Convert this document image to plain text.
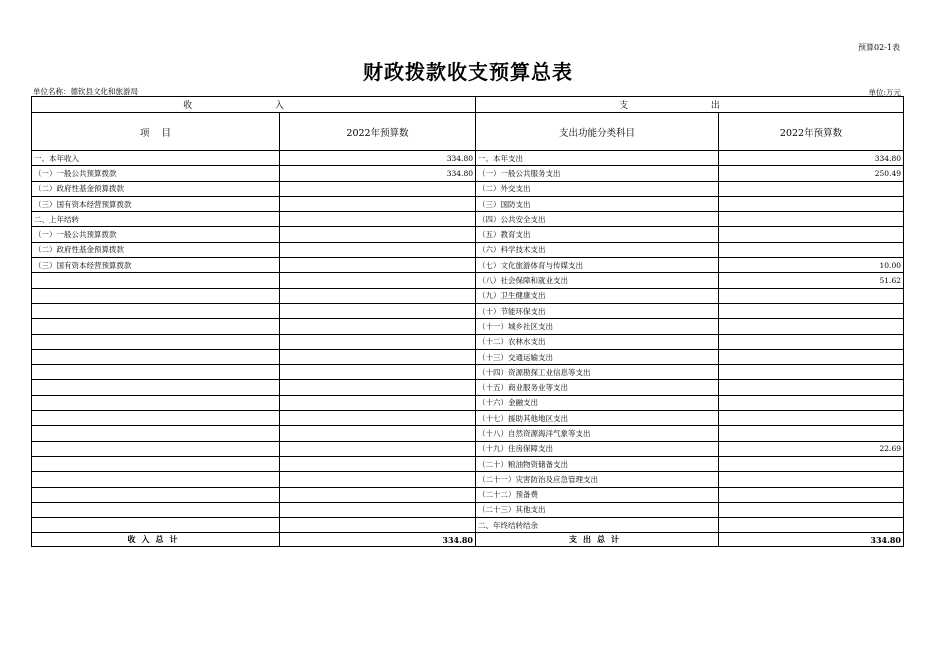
预算02-1表
财政拨款收支预算总表
单位名称：德钦县文化和旅游局	单位:万元
收 入		支 出	
项    目	2022年预算数	支出功能分类科目	2022年预算数
一、本年收入	334.80	一、本年支出	334.80
（一）一般公共预算拨款	334.80	（一）一般公共服务支出	250.49
（二）政府性基金预算拨款		（二）外交支出	
（三）国有资本经营预算拨款		（三）国防支出	
二、上年结转		（四）公共安全支出	
（一）一般公共预算拨款		（五）教育支出	
（二）政府性基金预算拨款		（六）科学技术支出	
（三）国有资本经营预算拨款		（七）文化旅游体育与传媒支出	10.00
		（八）社会保障和就业支出	51.62
		（九）卫生健康支出	
		（十）节能环保支出	
		（十一）城乡社区支出	
		（十二）农林水支出	
		（十三）交通运输支出	
		（十四）资源勘探工业信息等支出	
		（十五）商业服务业等支出	
		（十六）金融支出	
		（十七）援助其他地区支出	
		（十八）自然资源海洋气象等支出	
		（十九）住房保障支出	22.69
		（二十）粮油物资储备支出	
		（二十一）灾害防治及应急管理支出	
		（二十二）预备费	
		（二十三）其他支出	
		二、年终结转结余	
收入总计	334.80	支出总计	334.80
